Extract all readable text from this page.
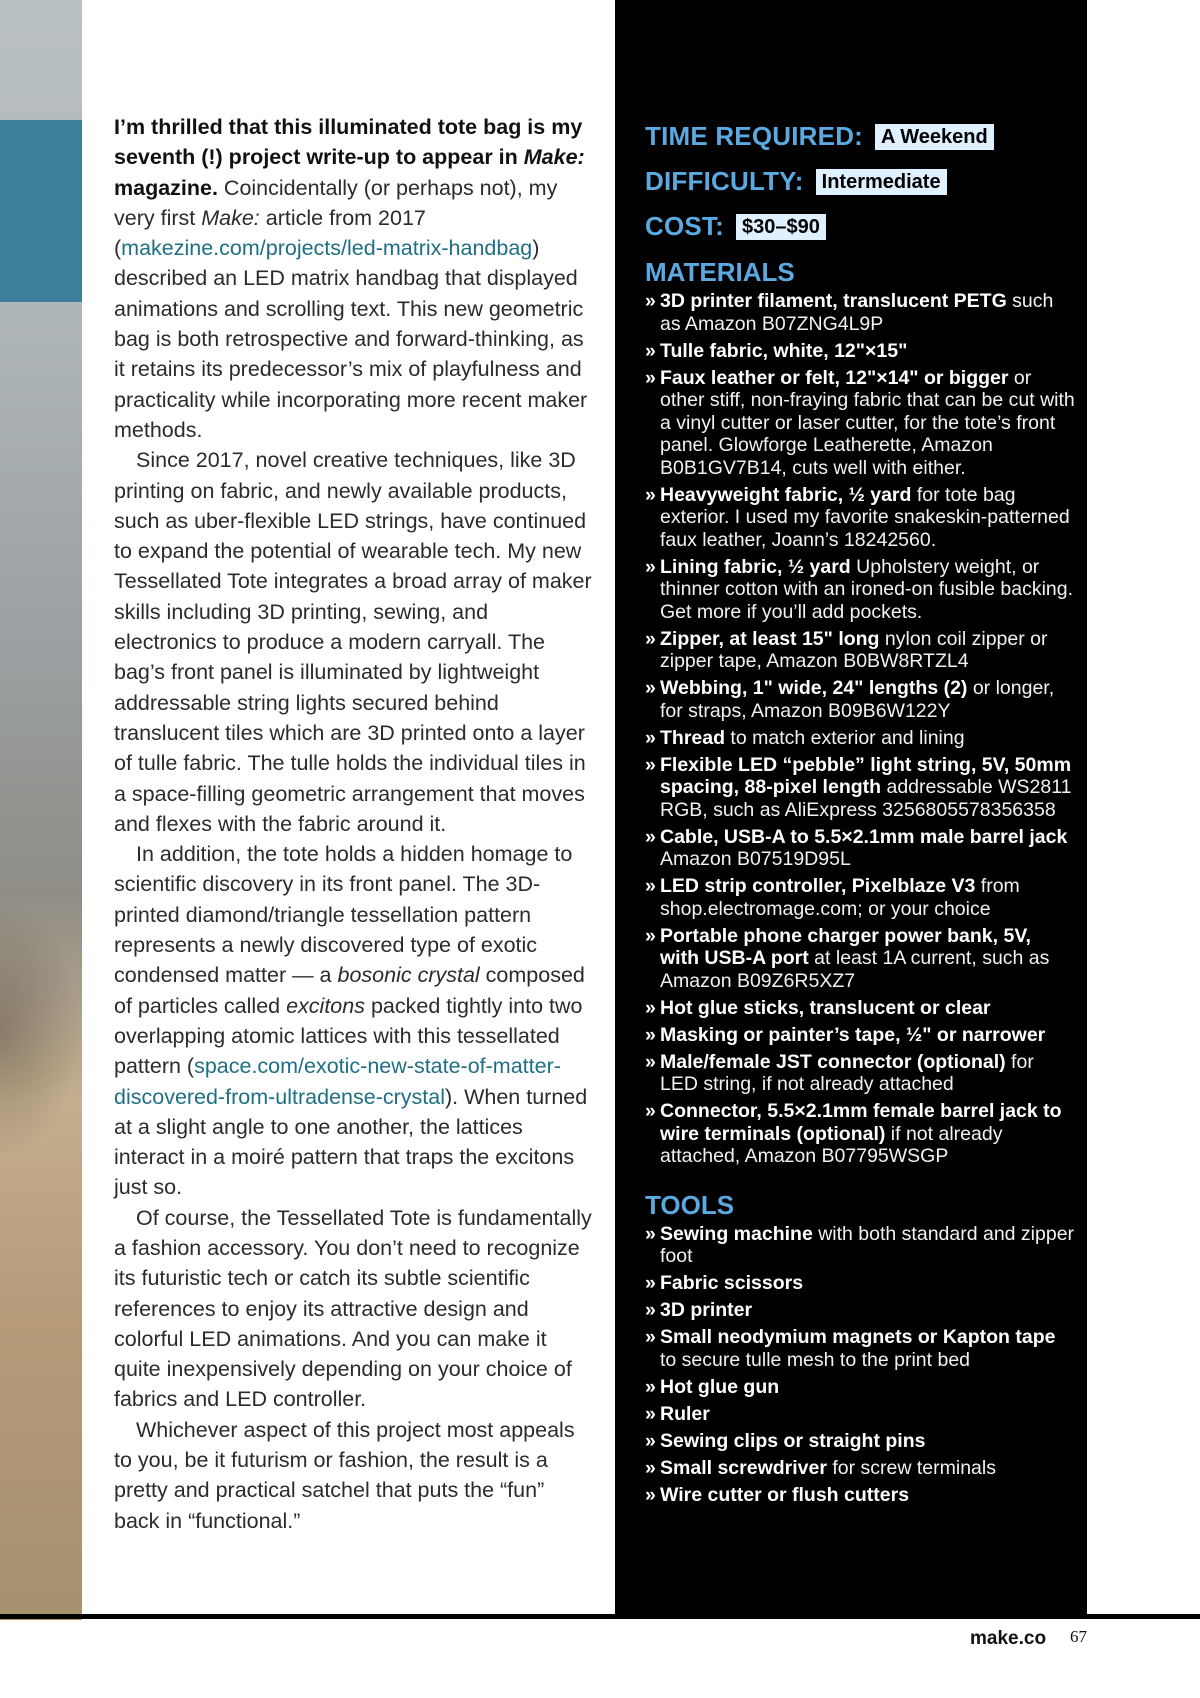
I’m thrilled that this illuminated tote bag is my seventh (!) project write-up to appear in Make: magazine. Coincidentally (or perhaps not), my very first Make: article from 2017 (makezine.com/projects/led-matrix-handbag) described an LED matrix handbag that displayed animations and scrolling text. This new geometric bag is both retrospective and forward-thinking, as it retains its predecessor’s mix of playfulness and practicality while incorporating more recent maker methods.

Since 2017, novel creative techniques, like 3D printing on fabric, and newly available products, such as uber-flexible LED strings, have continued to expand the potential of wearable tech. My new Tessellated Tote integrates a broad array of maker skills including 3D printing, sewing, and electronics to produce a modern carryall. The bag’s front panel is illuminated by lightweight addressable string lights secured behind translucent tiles which are 3D printed onto a layer of tulle fabric. The tulle holds the individual tiles in a space-filling geometric arrangement that moves and flexes with the fabric around it.

In addition, the tote holds a hidden homage to scientific discovery in its front panel. The 3D-printed diamond/triangle tessellation pattern represents a newly discovered type of exotic condensed matter — a bosonic crystal composed of particles called excitons packed tightly into two overlapping atomic lattices with this tessellated pattern (space.com/exotic-new-state-of-matter-discovered-from-ultradense-crystal). When turned at a slight angle to one another, the lattices interact in a moiré pattern that traps the excitons just so.

Of course, the Tessellated Tote is fundamentally a fashion accessory. You don’t need to recognize its futuristic tech or catch its subtle scientific references to enjoy its attractive design and colorful LED animations. And you can make it quite inexpensively depending on your choice of fabrics and LED controller.

Whichever aspect of this project most appeals to you, be it futurism or fashion, the result is a pretty and practical satchel that puts the “fun” back in “functional.”

TIME REQUIRED: A Weekend
DIFFICULTY: Intermediate
COST: $30–$90
MATERIALS
» 3D printer filament, translucent PETG such as Amazon B07ZNG4L9P
» Tulle fabric, white, 12"×15"
» Faux leather or felt, 12"×14" or bigger or other stiff, non-fraying fabric that can be cut with a vinyl cutter or laser cutter, for the tote’s front panel. Glowforge Leatherette, Amazon B0B1GV7B14, cuts well with either.
» Heavyweight fabric, ½ yard for tote bag exterior. I used my favorite snakeskin-patterned faux leather, Joann’s 18242560.
» Lining fabric, ½ yard Upholstery weight, or thinner cotton with an ironed-on fusible backing. Get more if you’ll add pockets.
» Zipper, at least 15" long nylon coil zipper or zipper tape, Amazon B0BW8RTZL4
» Webbing, 1" wide, 24" lengths (2) or longer, for straps, Amazon B09B6W122Y
» Thread to match exterior and lining
» Flexible LED “pebble” light string, 5V, 50mm spacing, 88-pixel length addressable WS2811 RGB, such as AliExpress 3256805578356358
» Cable, USB-A to 5.5×2.1mm male barrel jack Amazon B07519D95L
» LED strip controller, Pixelblaze V3 from shop.electromage.com; or your choice
» Portable phone charger power bank, 5V, with USB-A port at least 1A current, such as Amazon B09Z6R5XZ7
» Hot glue sticks, translucent or clear
» Masking or painter’s tape, ½" or narrower
» Male/female JST connector (optional) for LED string, if not already attached
» Connector, 5.5×2.1mm female barrel jack to wire terminals (optional) if not already attached, Amazon B07795WSGP
TOOLS
» Sewing machine with both standard and zipper foot
» Fabric scissors
» 3D printer
» Small neodymium magnets or Kapton tape to secure tulle mesh to the print bed
» Hot glue gun
» Ruler
» Sewing clips or straight pins
» Small screwdriver for screw terminals
» Wire cutter or flush cutters
make.co 67
